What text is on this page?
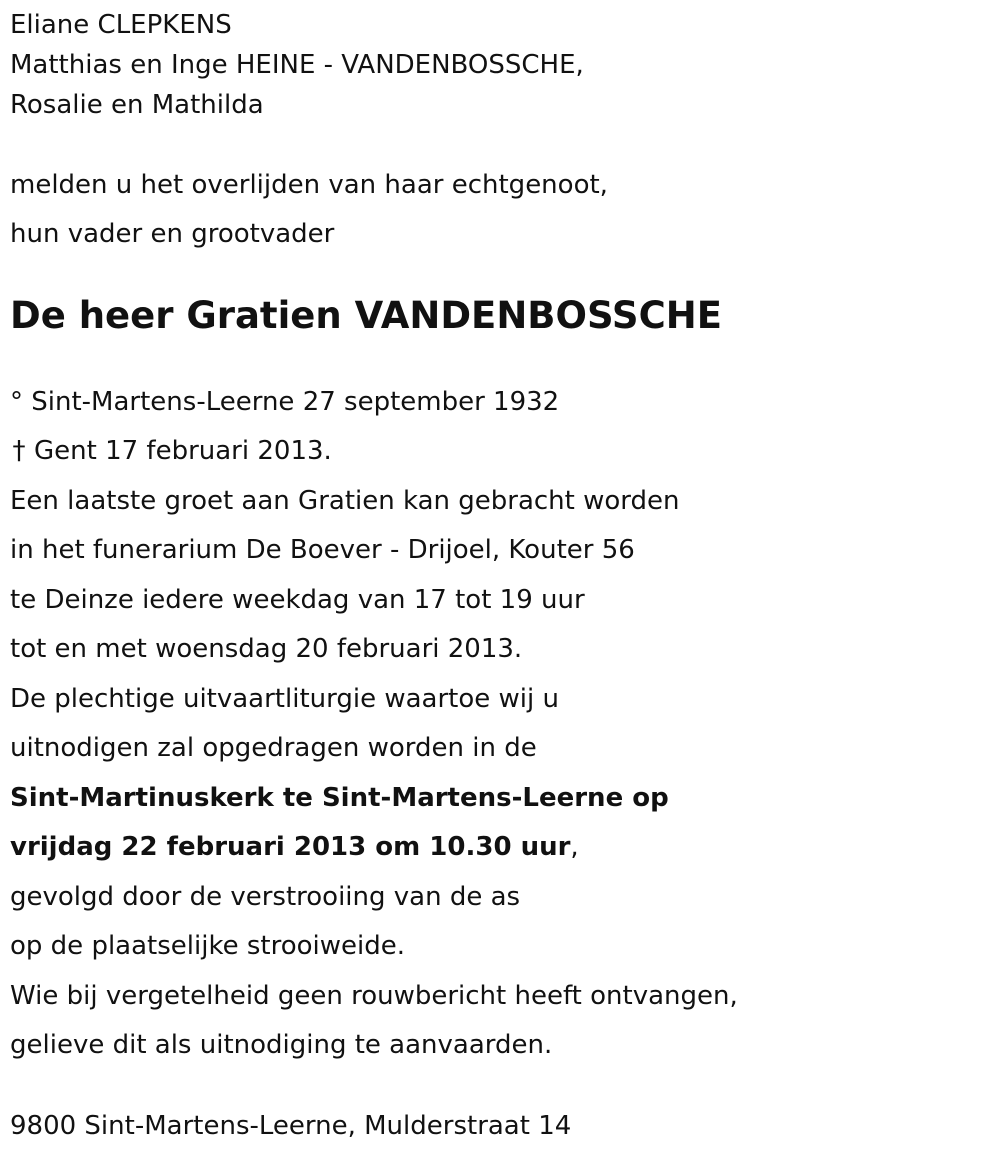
Eliane CLEPKENS
Matthias en Inge HEINE - VANDENBOSSCHE,
Rosalie en Mathilda
melden u het overlijden van haar echtgenoot,
hun vader en grootvader
De heer Gratien VANDENBOSSCHE
° Sint-Martens-Leerne 27 september 1932
† Gent 17 februari 2013.
Een laatste groet aan Gratien kan gebracht worden
in het funerarium De Boever - Drijoel, Kouter 56
te Deinze iedere weekdag van 17 tot 19 uur
tot en met woensdag 20 februari 2013.
De plechtige uitvaartliturgie waartoe wij u
uitnodigen zal opgedragen worden in de
Sint-Martinuskerk te Sint-Martens-Leerne op
vrijdag 22 februari 2013 om 10.30 uur,
gevolgd door de verstrooiing van de as
op de plaatselijke strooiweide.
Wie bij vergetelheid geen rouwbericht heeft ontvangen,
gelieve dit als uitnodiging te aanvaarden.
9800 Sint-Martens-Leerne, Mulderstraat 14
